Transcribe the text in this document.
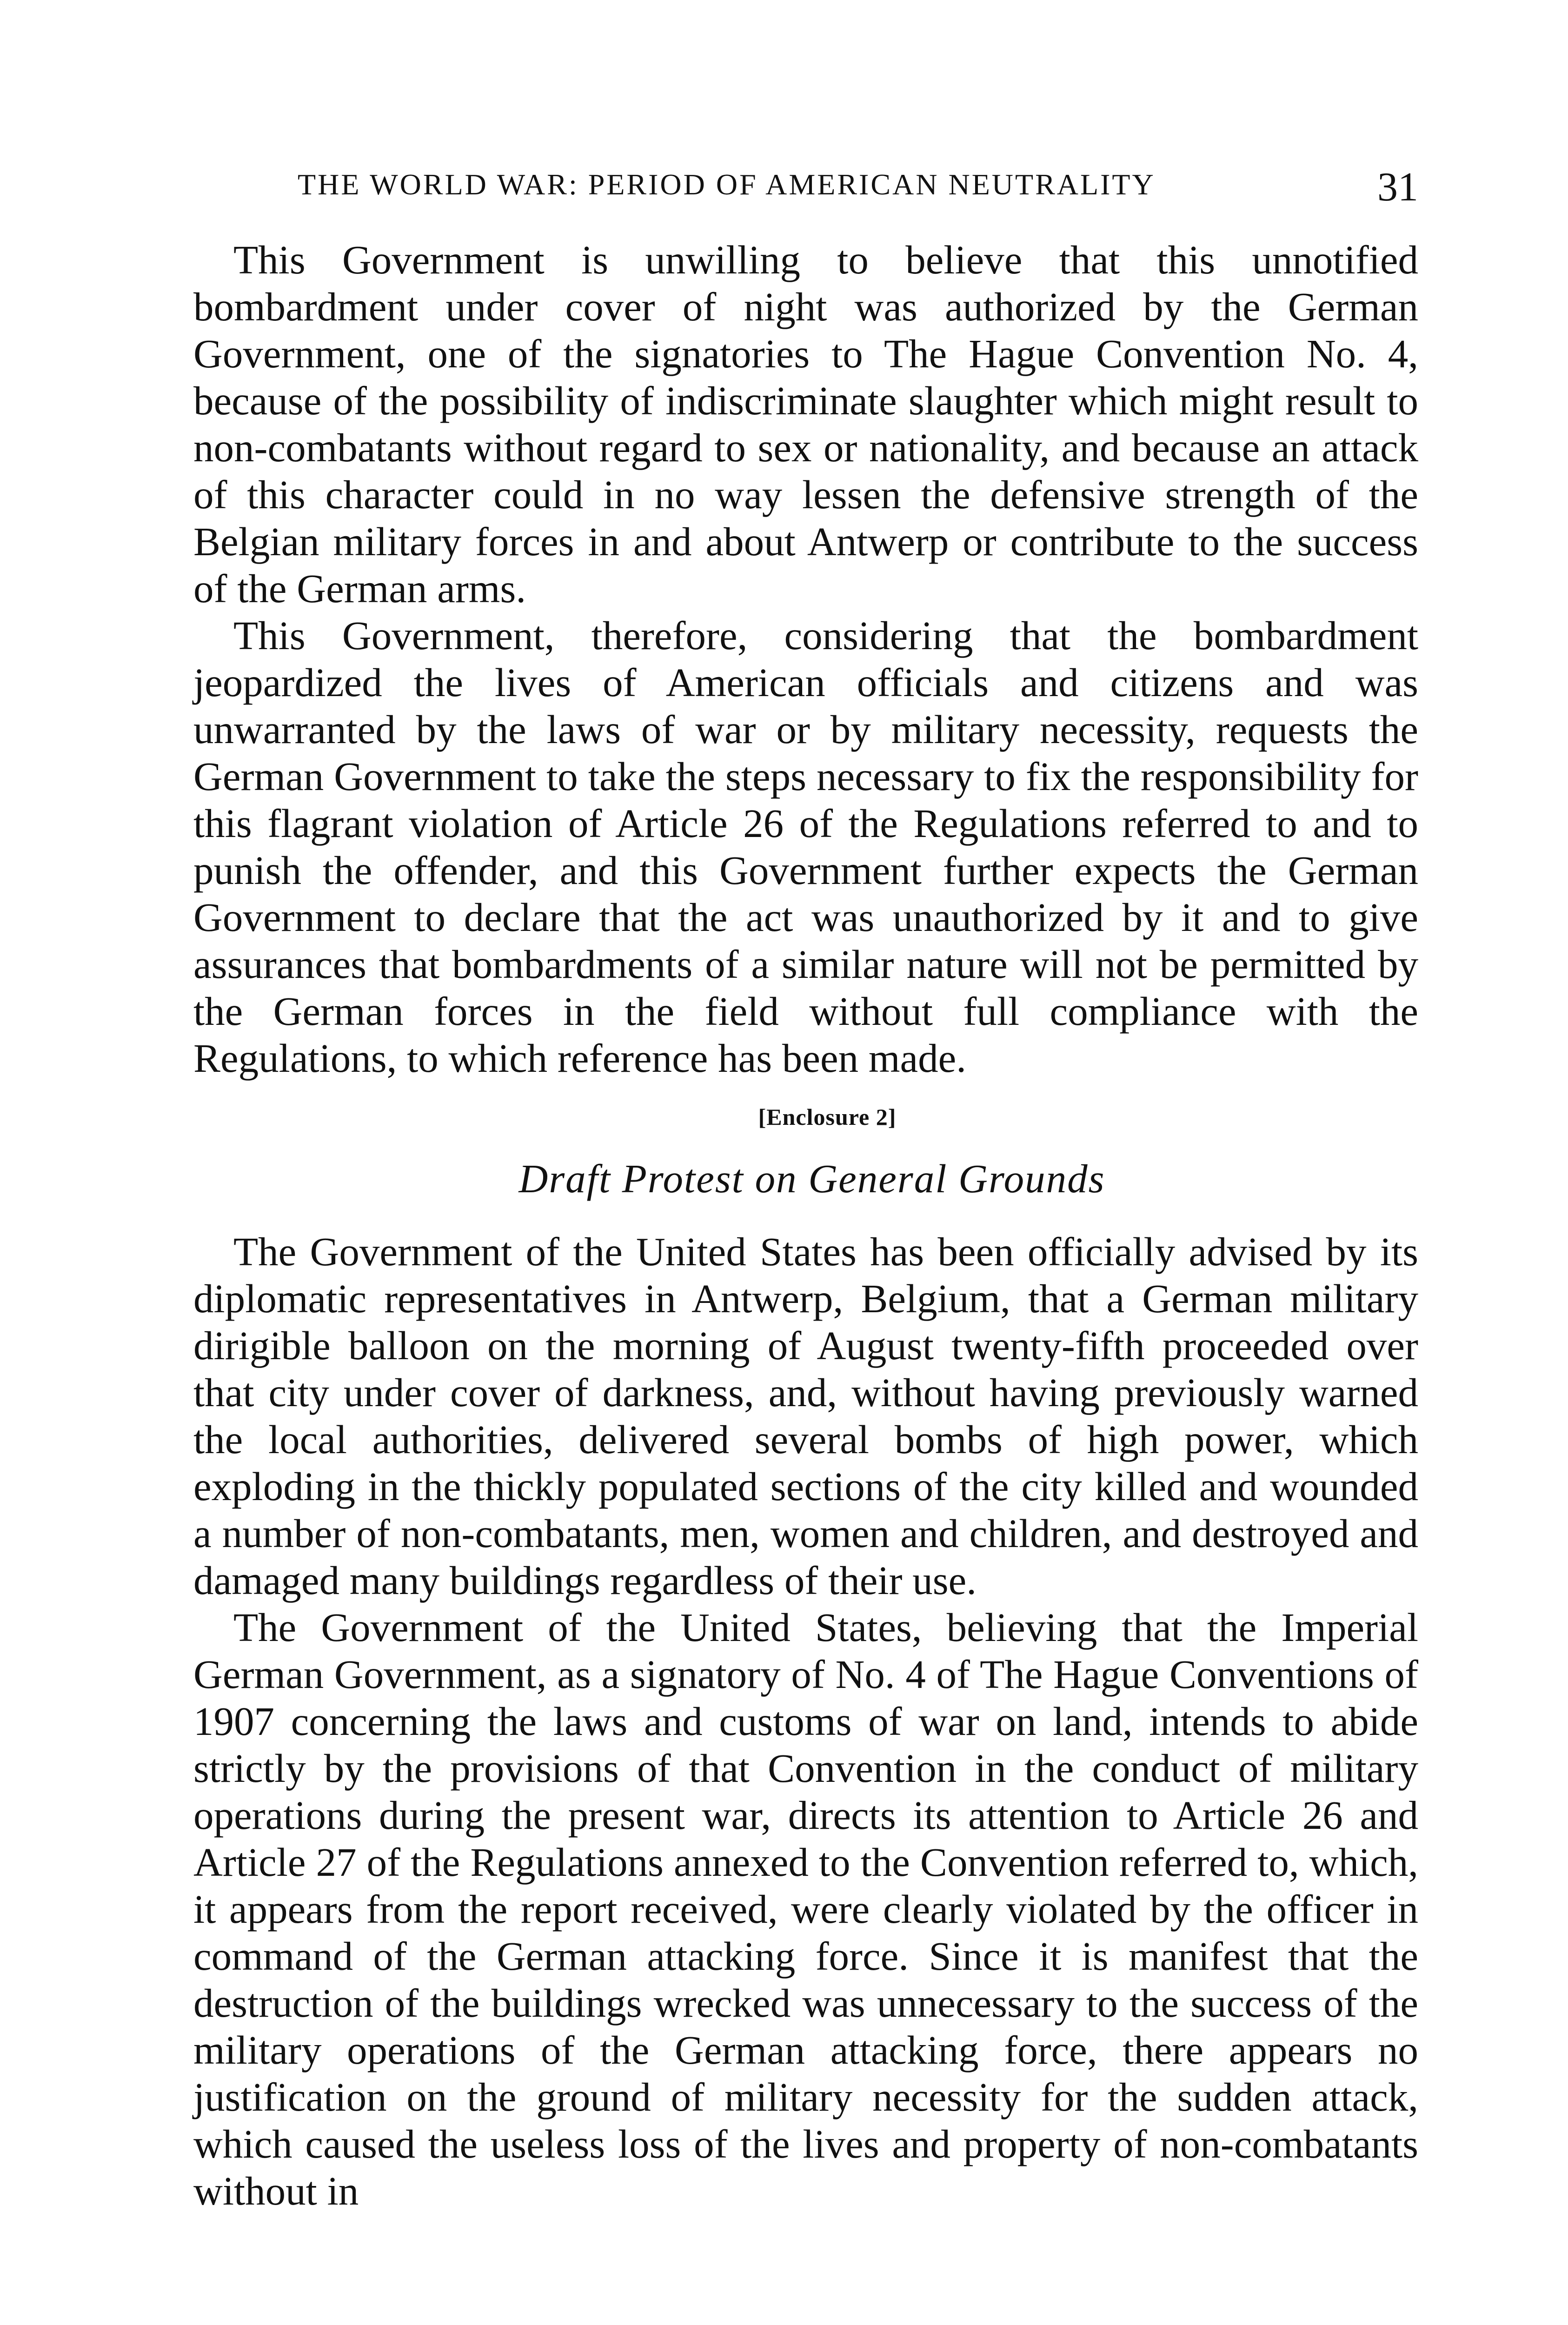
THE WORLD WAR: PERIOD OF AMERICAN NEUTRALITY	31

This Government is unwilling to believe that this unnotified bombardment under cover of night was authorized by the German Government, one of the signatories to The Hague Convention No. 4, because of the possibility of indiscriminate slaughter which might result to non-combatants without regard to sex or nationality, and because an attack of this character could in no way lessen the defensive strength of the Belgian military forces in and about Antwerp or contribute to the success of the German arms.

This Government, therefore, considering that the bombardment jeopardized the lives of American officials and citizens and was unwarranted by the laws of war or by military necessity, requests the German Government to take the steps necessary to fix the responsibility for this flagrant violation of Article 26 of the Regulations referred to and to punish the offender, and this Government further expects the German Government to declare that the act was unauthorized by it and to give assurances that bombardments of a similar nature will not be permitted by the German forces in the field without full compliance with the Regulations, to which reference has been made.

[Enclosure 2]
Draft Protest on General Grounds

The Government of the United States has been officially advised by its diplomatic representatives in Antwerp, Belgium, that a German military dirigible balloon on the morning of August twenty-fifth proceeded over that city under cover of darkness, and, without having previously warned the local authorities, delivered several bombs of high power, which exploding in the thickly populated sections of the city killed and wounded a number of non-combatants, men, women and children, and destroyed and damaged many buildings regardless of their use.

The Government of the United States, believing that the Imperial German Government, as a signatory of No. 4 of The Hague Conventions of 1907 concerning the laws and customs of war on land, intends to abide strictly by the provisions of that Convention in the conduct of military operations during the present war, directs its attention to Article 26 and Article 27 of the Regulations annexed to the Convention referred to, which, it appears from the report received, were clearly violated by the officer in command of the German attacking force. Since it is manifest that the destruction of the buildings wrecked was unnecessary to the success of the military operations of the German attacking force, there appears no justification on the ground of military necessity for the sudden attack, which caused the useless loss of the lives and property of non-combatants without in
